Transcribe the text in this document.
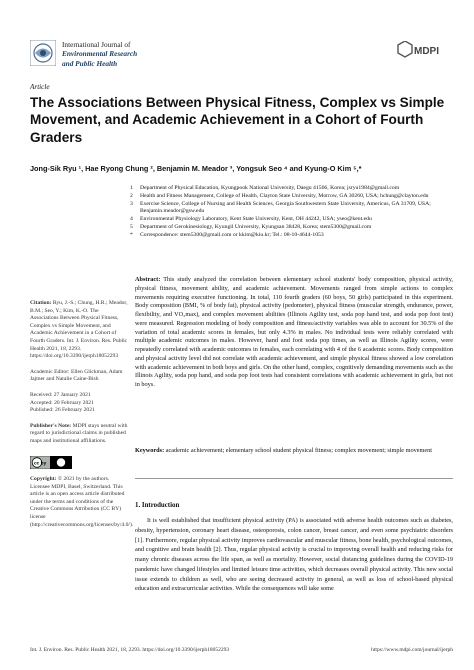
International Journal of
Environmental Research
and Public Health
MDPI
Article
The Associations Between Physical Fitness, Complex vs Simple Movement, and Academic Achievement in a Cohort of Fourth Graders
Jong-Sik Ryu ¹, Hae Ryong Chung ², Benjamin M. Meador ³, Yongsuk Seo ⁴ and Kyung-O Kim ⁵,*
1	Department of Physical Education, Kyungpook National University, Daegu 41566, Korea; jsryu1984@gmail.com
2	Health and Fitness Management, College of Health, Clayton State University, Morrow, GA 30260, USA; hchung@clayton.edu
3	Exercise Science, College of Nursing and Health Sciences, Georgia Southwestern State University, Americus, GA 31709, USA; Benjamin.meador@gsw.edu
4	Environmental Physiology Laboratory, Kent State University, Kent, OH 44242, USA; yseo@kent.edu
5	Department of Gerokinesiology, Kyungil University, Kyungsan 38428, Korea; stem5300@gmail.com
*	Correspondence: stem5300@gmail.com or kkim@kiu.kr; Tel.: 08-10-4644-1053
Abstract: This study analyzed the correlation between elementary school students' body composition, physical activity, physical fitness, movement ability, and academic achievement. Movements ranged from simple actions to complex movements requiring executive functioning. In total, 110 fourth graders (60 boys, 50 girls) participated in this experiment. Body composition (BMI, % of body fat), physical activity (pedometer), physical fitness (muscular strength, endurance, power, flexibility, and VO₂max), and complex movement abilities (Illinois Agility test, soda pop hand test, and soda pop foot test) were measured. Regression modeling of body composition and fitness/activity variables was able to account for 30.5% of the variation of total academic scores in females, but only 4.3% in males. No individual tests were reliably correlated with multiple academic outcomes in males. However, hand and foot soda pop times, as well as Illinois Agility scores, were repeatedly correlated with academic outcomes in females, each correlating with 4 of the 6 academic scores. Body composition and physical activity level did not correlate with academic achievement, and simple physical fitness showed a low correlation with academic achievement in both boys and girls. On the other hand, complex, cognitively demanding movements such as the Illinois Agility, soda pop hand, and soda pop foot tests had consistent correlations with academic achievement in girls, but not in boys.
Keywords: academic achievement; elementary school student physical fitness; complex movement; simple movement
Citation: Ryu, J.-S.; Chung, H.R.; Meador, B.M.; Seo, Y.; Kim, K.-O. The Associations Between Physical Fitness, Complex vs Simple Movement, and Academic Achievement in a Cohort of Fourth Graders. Int. J. Environ. Res. Public Health 2021, 18, 2293. https://doi.org/10.3390/ijerph18052293
Academic Editor: Ellen Glickman, Adam Jajtner and Natalie Caine-Bish
Received: 27 January 2021
Accepted: 20 February 2021
Published: 26 February 2021
Publisher's Note: MDPI stays neutral with regard to jurisdictional claims in published maps and institutional affiliations.
cc by
Copyright: © 2021 by the authors. Licensee MDPI, Basel, Switzerland. This article is an open access article distributed under the terms and conditions of the Creative Commons Attribution (CC BY) license (http://creativecommons.org/licenses/by/4.0/).
1. Introduction
It is well established that insufficient physical activity (PA) is associated with adverse health outcomes such as diabetes, obesity, hypertension, coronary heart disease, osteoporosis, colon cancer, breast cancer, and even some psychiatric disorders [1]. Furthermore, regular physical activity improves cardiovascular and muscular fitness, bone health, psychological outcomes, and cognitive and brain health [2]. Thus, regular physical activity is crucial to improving overall health and reducing risks for many chronic diseases across the life span, as well as mortality. However, social distancing guidelines during the COVID-19 pandemic have changed lifestyles and limited leisure time activities, which decreases overall physical activity. This new social issue extends to children as well, who are seeing decreased activity in general, as well as loss of school-based physical education and extracurricular activities. While the consequences will take some
Int. J. Environ. Res. Public Health 2021, 18, 2293. https://doi.org/10.3390/ijerph18052293	https://www.mdpi.com/journal/ijerph
